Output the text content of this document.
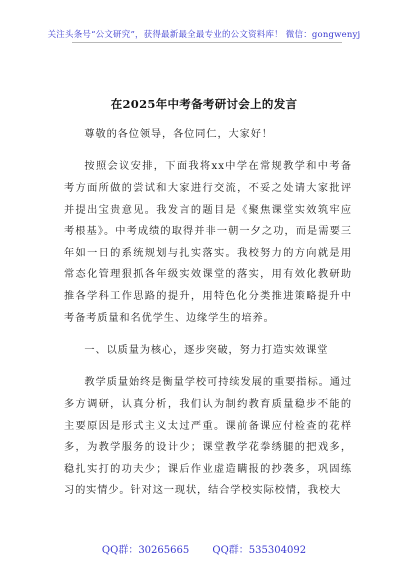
关注头条号“公文研究”，获得最新最全最专业的公文资料库！ 微信：gongwenyj
在2025年中考备考研讨会上的发言

尊敬的各位领导，各位同仁，大家好！

按照会议安排，下面我将xx中学在常规教学和中考备考方面所做的尝试和大家进行交流，不妥之处请大家批评并提出宝贵意见。我发言的题目是《聚焦课堂实效筑牢应考根基》。中考成绩的取得并非一朝一夕之功，而是需要三年如一日的系统规划与扎实落实。我校努力的方向就是用常态化管理狠抓各年级实效课堂的落实，用有效化教研助推各学科工作思路的提升，用特色化分类推进策略提升中考备考质量和名优学生、边缘学生的培养。

一、以质量为核心，逐步突破，努力打造实效课堂

教学质量始终是衡量学校可持续发展的重要指标。通过多方调研，认真分析，我们认为制约教育质量稳步不能的主要原因是形式主义太过严重。课前备课应付检查的花样多，为教学服务的设计少；课堂教学花拳绣腿的把戏多，稳扎实打的功夫少；课后作业虚造瞒报的抄袭多，巩固练习的实情少。针对这一现状，结合学校实际校情，我校大

QQ群：30265665 QQ群：535304092
